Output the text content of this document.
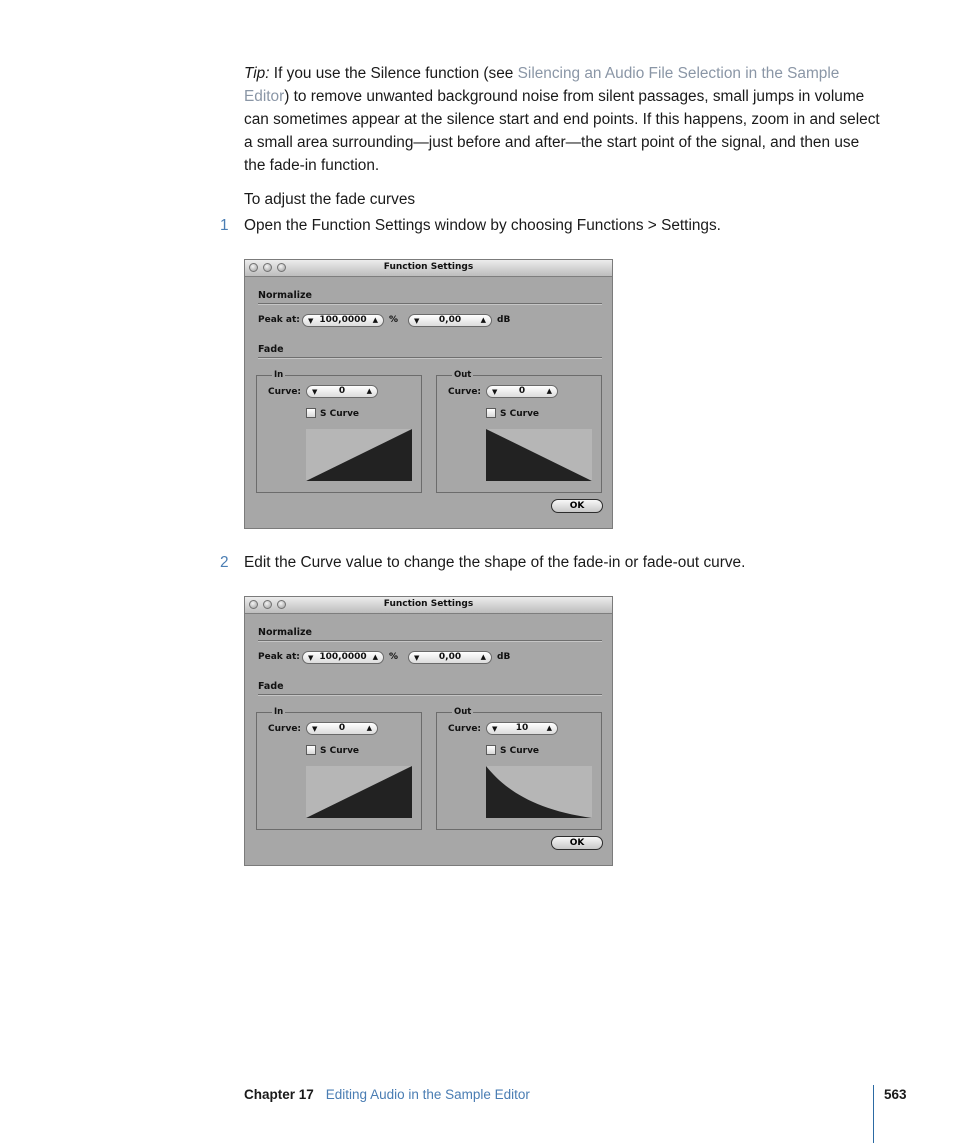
Tip: If you use the Silence function (see Silencing an Audio File Selection in the Sample Editor) to remove unwanted background noise from silent passages, small jumps in volume can sometimes appear at the silence start and end points. If this happens, zoom in and select a small area surrounding—just before and after—the start point of the signal, and then use the fade-in function.

To adjust the fade curves

1 Open the Function Settings window by choosing Functions > Settings.

Function Settings
Normalize
Peak at: ▼ 100,0000 ▲ % ▼	0,00	▲ dB
Fade
In
Curve: ▼	0	▲
S Curve
Out
Curve: ▼	0	▲
S Curve
OK

2 Edit the Curve value to change the shape of the fade-in or fade-out curve.

Function Settings
Normalize
Peak at: ▼ 100,0000 ▲ % ▼	0,00	▲ dB
Fade
In
Curve: ▼	0	▲
S Curve
Out
Curve: ▼	10	▲
S Curve
OK
Chapter 17 Editing Audio in the Sample Editor	563
